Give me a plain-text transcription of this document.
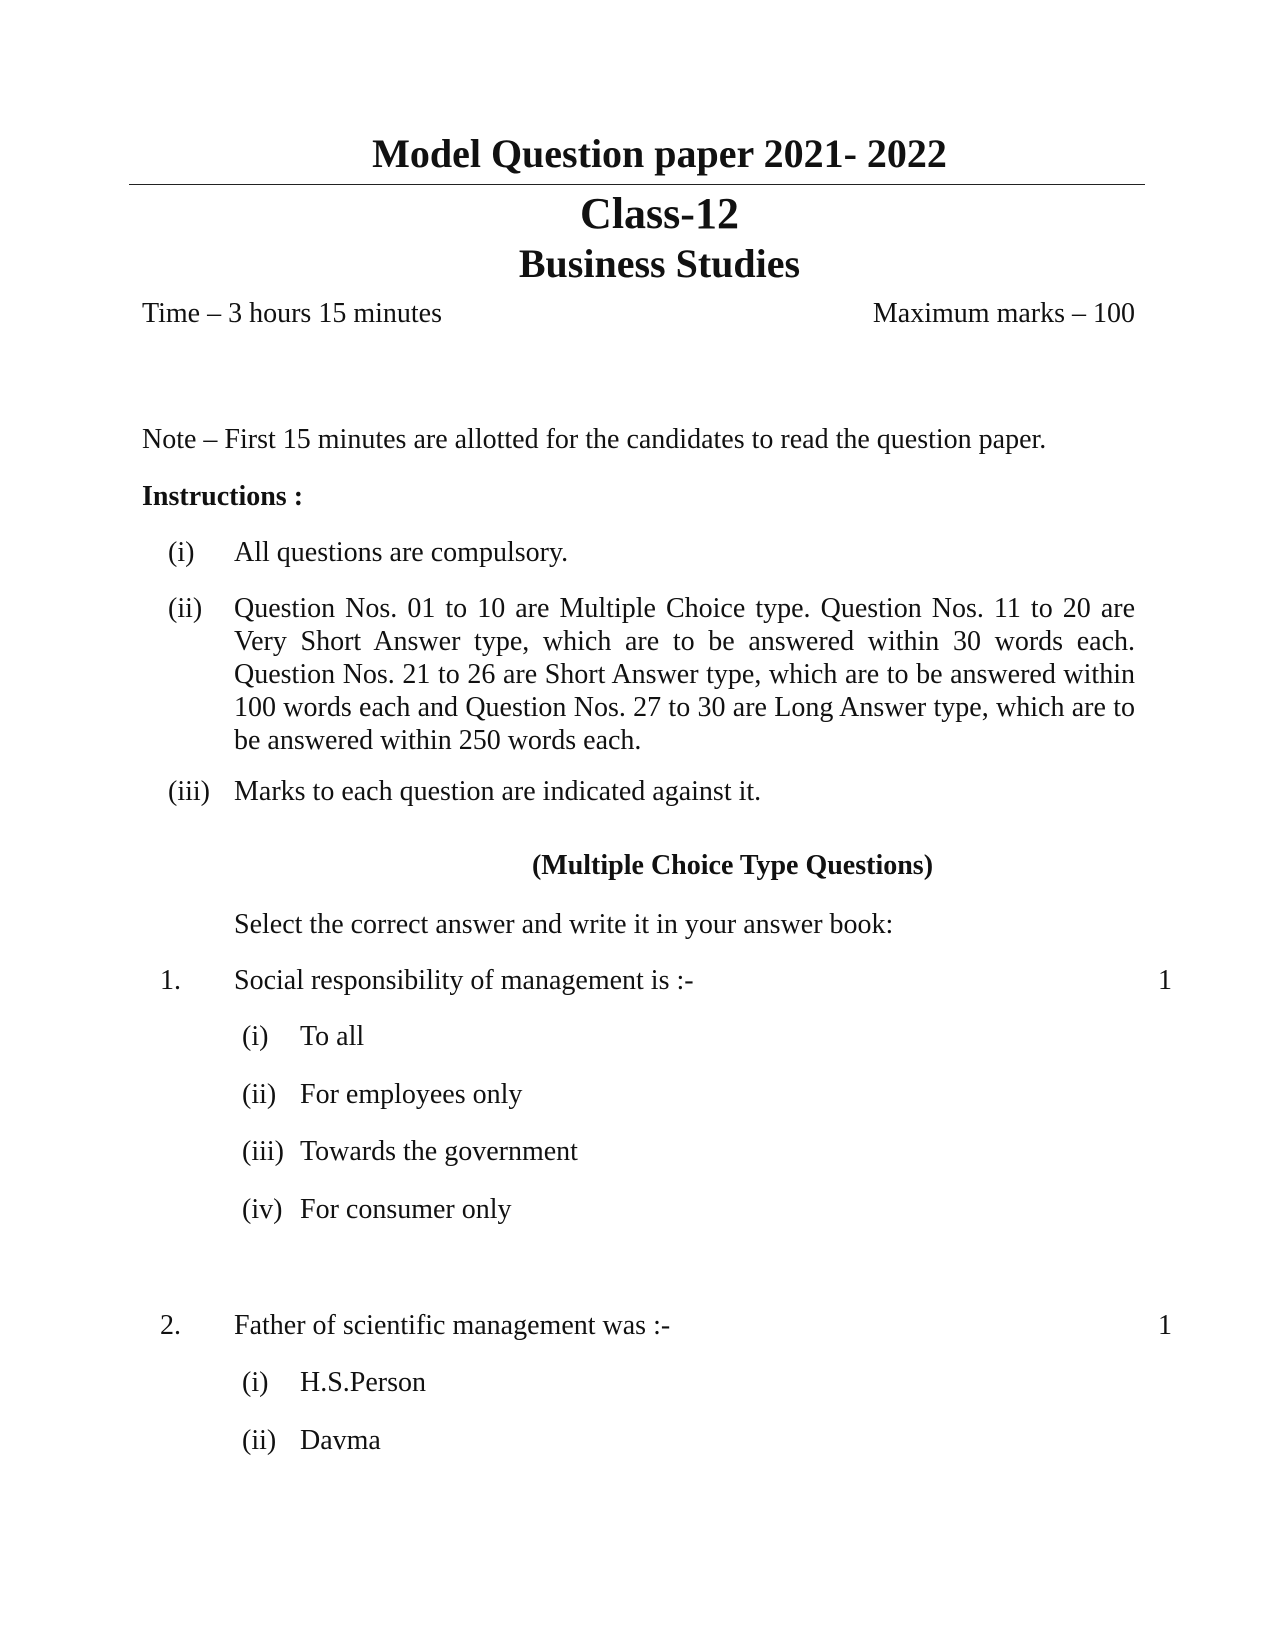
Model Question paper 2021- 2022
Class-12
Business Studies
Time – 3 hours 15 minutes	Maximum marks – 100
Note – First 15 minutes are allotted for the candidates to read the question paper.
Instructions :
(i) All questions are compulsory.
(ii) Question Nos. 01 to 10 are Multiple Choice type. Question Nos. 11 to 20 are Very Short Answer type, which are to be answered within 30 words each. Question Nos. 21 to 26 are Short Answer type, which are to be answered within 100 words each and Question Nos. 27 to 30 are Long Answer type, which are to be answered within 250 words each.
(iii) Marks to each question are indicated against it.
(Multiple Choice Type Questions)
Select the correct answer and write it in your answer book:
1. Social responsibility of management is :-	1
(i) To all
(ii) For employees only
(iii) Towards the government
(iv) For consumer only
2. Father of scientific management was :-	1
(i) H.S.Person
(ii) Davma
